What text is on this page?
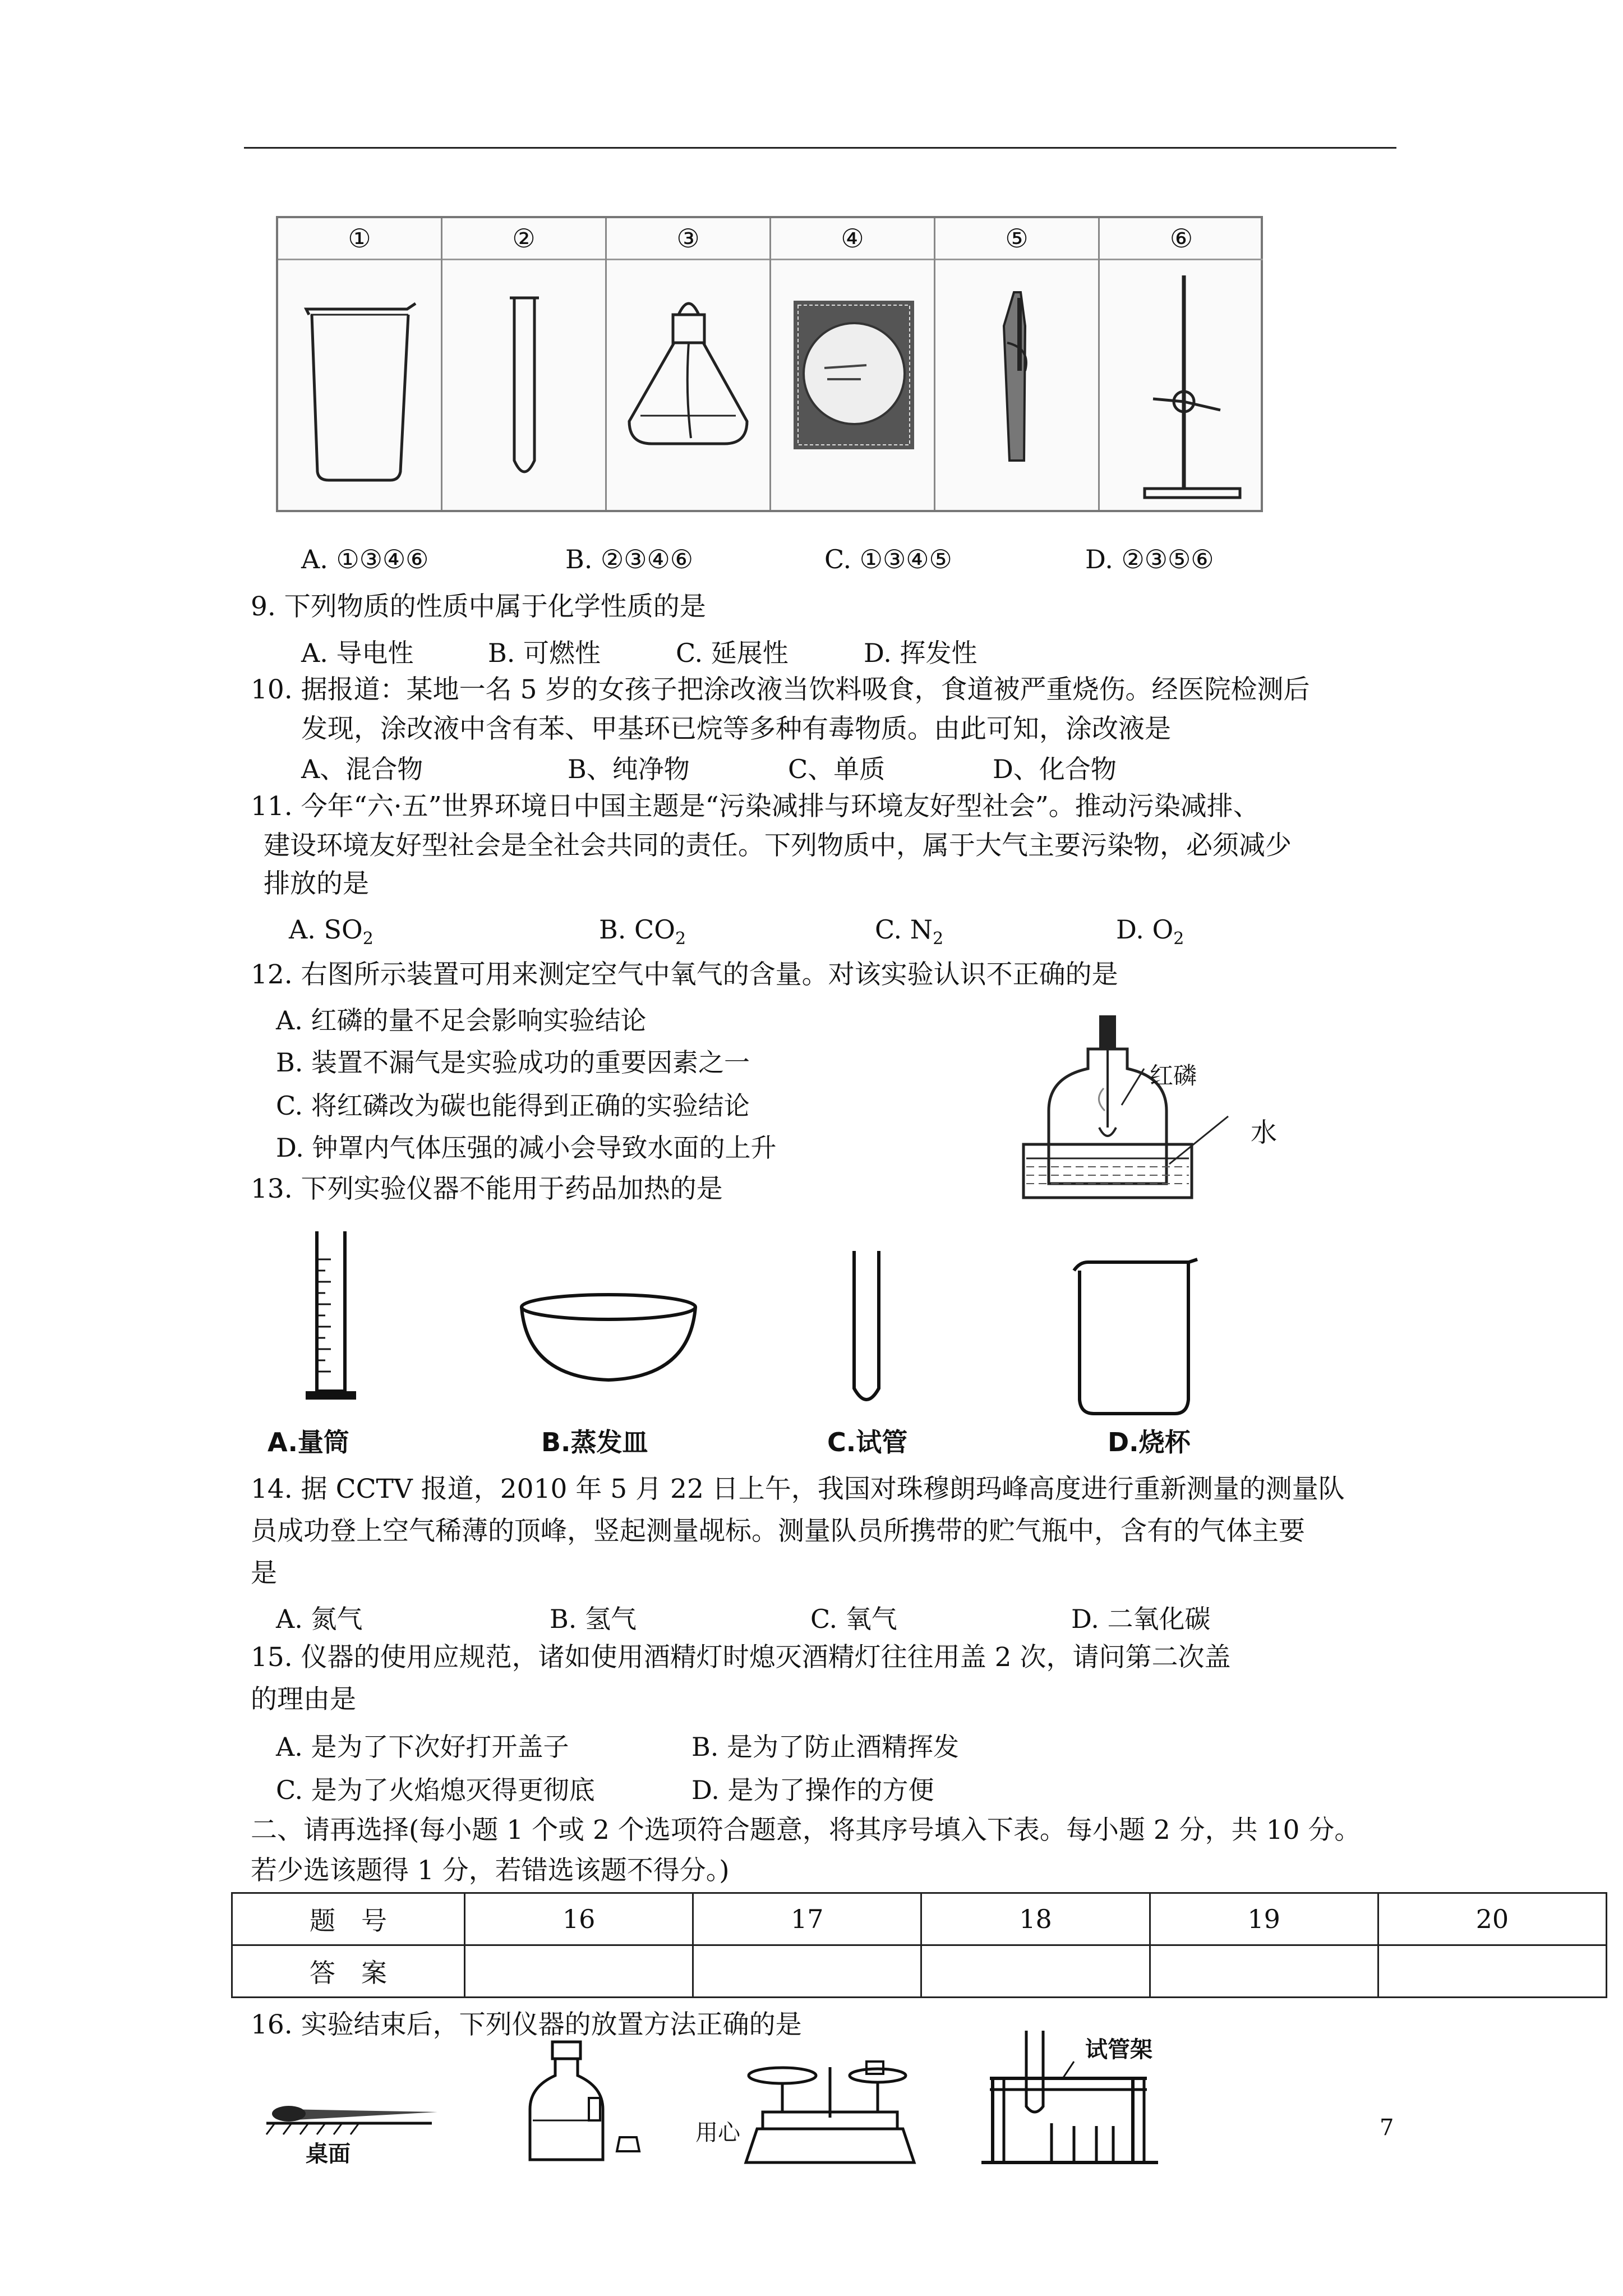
①	②	③	④	⑤	⑥
A. ①③④⑥	B. ②③④⑥	C. ①③④⑤	D. ②③⑤⑥
9. 下列物质的性质中属于化学性质的是
A. 导电性	B. 可燃性	C. 延展性	D. 挥发性
10. 据报道：某地一名 5 岁的女孩子把涂改液当饮料吸食，食道被严重烧伤。经医院检测后
发现，涂改液中含有苯、甲基环已烷等多种有毒物质。由此可知，涂改液是
A、混合物	B、纯净物	C、单质	D、化合物
11. 今年“六·五”世界环境日中国主题是“污染减排与环境友好型社会”。推动污染减排、
建设环境友好型社会是全社会共同的责任。下列物质中，属于大气主要污染物，必须减少
排放的是
A. $SO_2$	B. $CO_2$	C. $N_2$	D. $O_2$
12. 右图所示装置可用来测定空气中氧气的含量。对该实验认识不正确的是
A. 红磷的量不足会影响实验结论
B. 装置不漏气是实验成功的重要因素之一
C. 将红磷改为碳也能得到正确的实验结论
D. 钟罩内气体压强的减小会导致水面的上升
红磷
水
13. 下列实验仪器不能用于药品加热的是
A.量筒	B.蒸发皿	C.试管	D.烧杯
14. 据 CCTV 报道，2010 年 5 月 22 日上午，我国对珠穆朗玛峰高度进行重新测量的测量队
员成功登上空气稀薄的顶峰，竖起测量觇标。测量队员所携带的贮气瓶中，含有的气体主要
是
A. 氮气	B. 氢气	C. 氧气	D. 二氧化碳
15. 仪器的使用应规范，诸如使用酒精灯时熄灭酒精灯往往用盖 2 次，请问第二次盖
的理由是
A. 是为了下次好打开盖子	B. 是为了防止酒精挥发
C. 是为了火焰熄灭得更彻底	D. 是为了操作的方便
二、请再选择(每小题 1 个或 2 个选项符合题意，将其序号填入下表。每小题 2 分，共 10 分。
若少选该题得 1 分，若错选该题不得分。)
题　号	16	17	18	19	20
答　案					
16. 实验结束后，下列仪器的放置方法正确的是
桌面
试管架
用心	7
